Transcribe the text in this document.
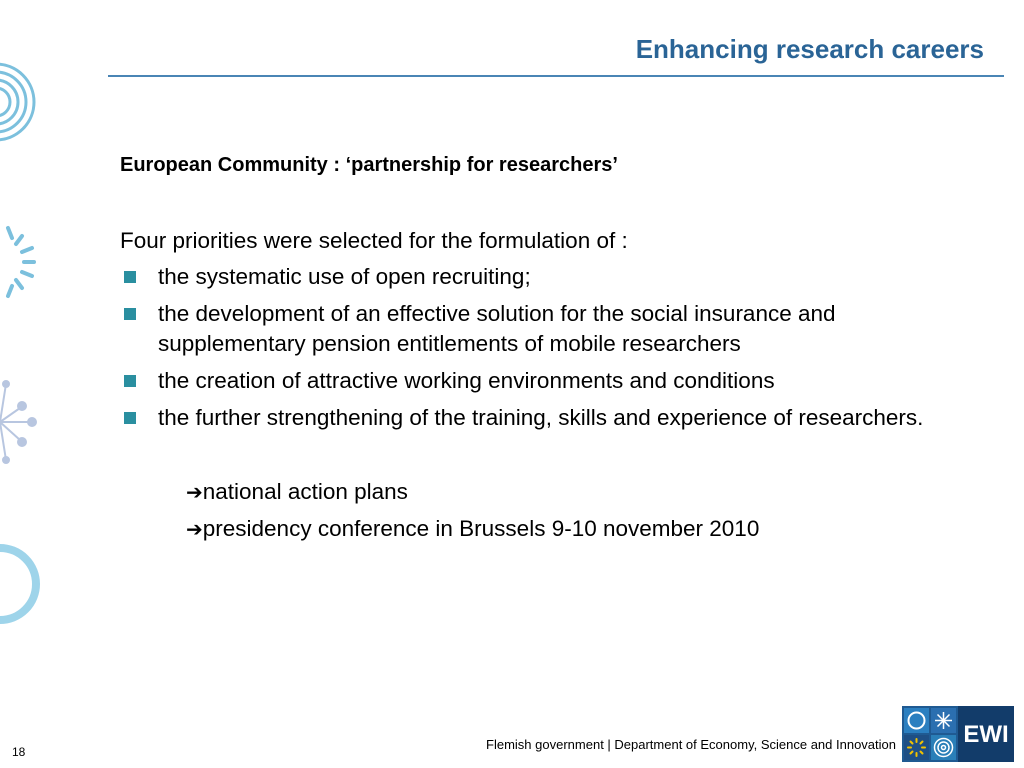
Enhancing research careers
European Community : ‘partnership for researchers’
Four priorities were selected for the formulation of :
the systematic use of open recruiting;
the development of an effective solution for the social insurance and supplementary pension entitlements of mobile researchers
the creation of attractive working environments and conditions
the further strengthening of the training, skills and experience of researchers.
➔national action plans
➔presidency conference in Brussels 9-10 november 2010
18	Flemish government | Department of Economy, Science and Innovation	EWI
